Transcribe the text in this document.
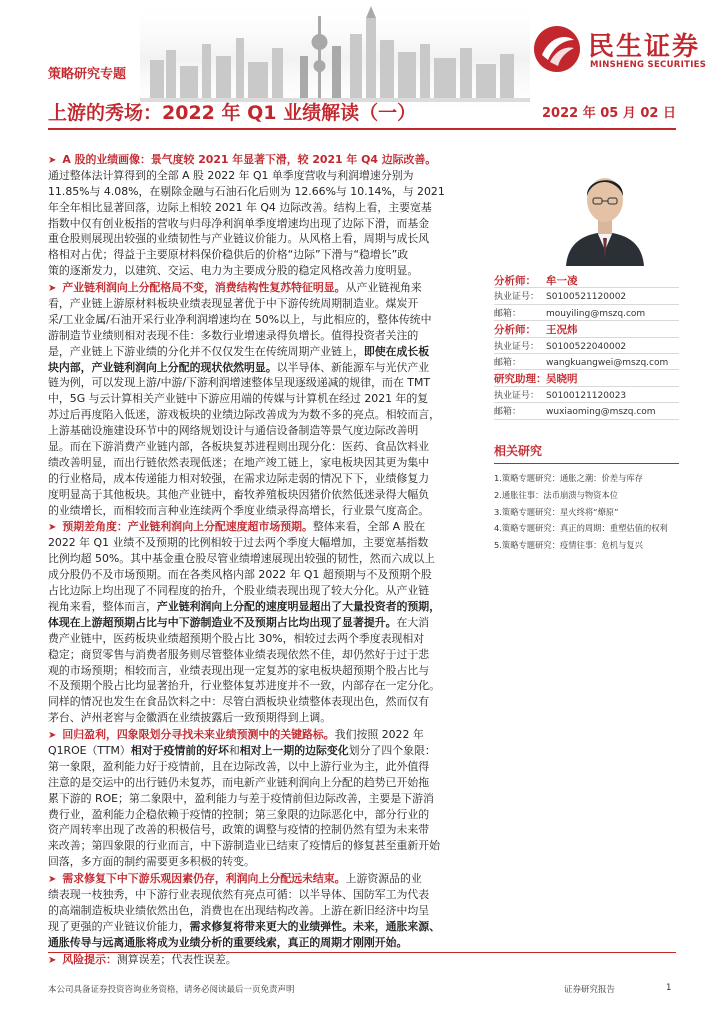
策略研究专题
民生证券
MINSHENG SECURITIES
上游的秀场：2022 年 Q1 业绩解读（一）	2022 年 05 月 02 日
➤ A 股的业绩画像：景气度较 2021 年显著下滑，较 2021 年 Q4 边际改善。
通过整体法计算得到的全部 A 股 2022 年 Q1 单季度营收与利润增速分别为
11.85%与 4.08%，在剔除金融与石油石化后则为 12.66%与 10.14%，与 2021
年全年相比显著回落，边际上相较 2021 年 Q4 边际改善。结构上看，主要宽基
指数中仅有创业板指的营收与归母净利润单季度增速均出现了边际下滑，而基金
重仓股则展现出较强的业绩韧性与产业链议价能力。从风格上看，周期与成长风
格相对占优；得益于主要原材料保价稳供后的价格“边际”下滑与“稳增长”政
策的逐渐发力，以建筑、交运、电力为主要成分股的稳定风格改善力度明显。
➤ 产业链利润向上分配格局不变，消费结构性复苏特征明显。从产业链视角来
看，产业链上游原材料板块业绩表现显著优于中下游传统周期制造业。煤炭开
采/工业金属/石油开采行业净利润增速均在 50%以上，与此相应的，整体传统中
游制造节业绩则相对表现不佳：多数行业增速录得负增长。值得投资者关注的
是，产业链上下游业绩的分化并不仅仅发生在传统周期产业链上，即使在成长板
块内部，产业链利润向上分配的现状依然明显。以半导体、新能源车与光伏产业
链为例，可以发现上游/中游/下游利润增速整体呈现逐级递减的规律，而在 TMT
中，5G 与云计算相关产业链中下游应用端的传媒与计算机在经过 2021 年的复
苏过后再度陷入低迷，游戏板块的业绩边际改善成为为数不多的亮点。相较而言，
上游基础设施建设环节中的网络规划设计与通信设备制造等景气度边际改善明
显。而在下游消费产业链内部，各板块复苏进程则出现分化：医药、食品饮料业
绩改善明显，而出行链依然表现低迷；在地产竣工链上，家电板块因其更为集中
的行业格局，成本传递能力相对较强，在需求边际走弱的情况下下，业绩修复力
度明显高于其他板块。其他产业链中，畜牧养殖板块因猪价依然低迷录得大幅负
的业绩增长，而相较而言种业连续两个季度业绩录得高增长，行业景气度高企。
➤ 预期差角度：产业链利润向上分配速度超市场预期。整体来看，全部 A 股在
2022 年 Q1 业绩不及预期的比例相较于过去两个季度大幅增加，主要宽基指数
比例均超 50%。其中基金重仓股尽管业绩增速展现出较强的韧性，然而六成以上
成分股仍不及市场预期。而在各类风格内部 2022 年 Q1 超预期与不及预期个股
占比边际上均出现了不同程度的抬升，个股业绩表现出现了较大分化。从产业链
视角来看，整体而言，产业链利润向上分配的速度明显超出了大量投资者的预期，
体现在上游超预期占比与中下游制造业不及预期占比均出现了显著提升。在大消
费产业链中，医药板块业绩超预期个股占比 30%，相较过去两个季度表现相对
稳定；商贸零售与消费者服务则尽管整体业绩表现依然不佳，却仍然好于过于悲
观的市场预期；相较而言，业绩表现出现一定复苏的家电板块超预期个股占比与
不及预期个股占比均显著抬升，行业整体复苏进度并不一致，内部存在一定分化。
同样的情况也发生在食品饮料之中：尽管白酒板块业绩整体表现出色，然而仅有
茅台、泸州老窖与金徽酒在业绩披露后一致预期得到上调。
➤ 回归盈利，四象限划分寻找未来业绩预测中的关键路标。我们按照 2022 年
Q1ROE（TTM）相对于疫情前的好坏和相对上一期的边际变化划分了四个象限：
第一象限，盈利能力好于疫情前，且在边际改善，以中上游行业为主，此外值得
注意的是交运中的出行链仍未复苏，而电新产业链利润向上分配的趋势已开始拖
累下游的 ROE；第二象限中，盈利能力与差于疫情前但边际改善，主要是下游消
费行业，盈利能力企稳依赖于疫情的控制；第三象限的边际恶化中，部分行业的
资产周转率出现了改善的积极信号，政策的调整与疫情的控制仍然有望为未来带
来改善；第四象限的行业而言，中下游制造业已结束了疫情后的修复甚至重新开始
回落，多方面的制约需要更多积极的转变。
➤ 需求修复下中下游乐观因素仍存，利润向上分配远未结束。上游资源品的业
绩表现一枝独秀，中下游行业表现依然有亮点可循：以半导体、国防军工为代表
的高端制造板块业绩依然出色，消费也在出现结构改善。上游在新旧经济中均呈
现了更强的产业链议价能力，需求修复将带来更大的业绩弹性。未来，通胀来源、
通胀传导与远离通胀将成为业绩分析的重要线索，真正的周期才刚刚开始。
➤ 风险提示：测算误差；代表性误差。
分析师： 牟一凌
执业证号： S0100521120002
邮箱：	mouyiling@mszq.com
分析师： 王况炜
执业证号： S0100522040002
邮箱：	wangkuangwei@mszq.com
研究助理：吴晓明
执业证号： S0100121120023
邮箱：	wuxiaoming@mszq.com
相关研究
1.策略专题研究：通胀之潮：价差与库存
2.通胀往事：法币崩溃与物资本位
3.策略专题研究：星火终将“燎原”
4.策略专题研究：真正的周期：重塑估值的权利
5.策略专题研究：疫情往事：危机与复兴
本公司具备证券投资咨询业务资格，请务必阅读最后一页免责声明	证券研究报告	1
